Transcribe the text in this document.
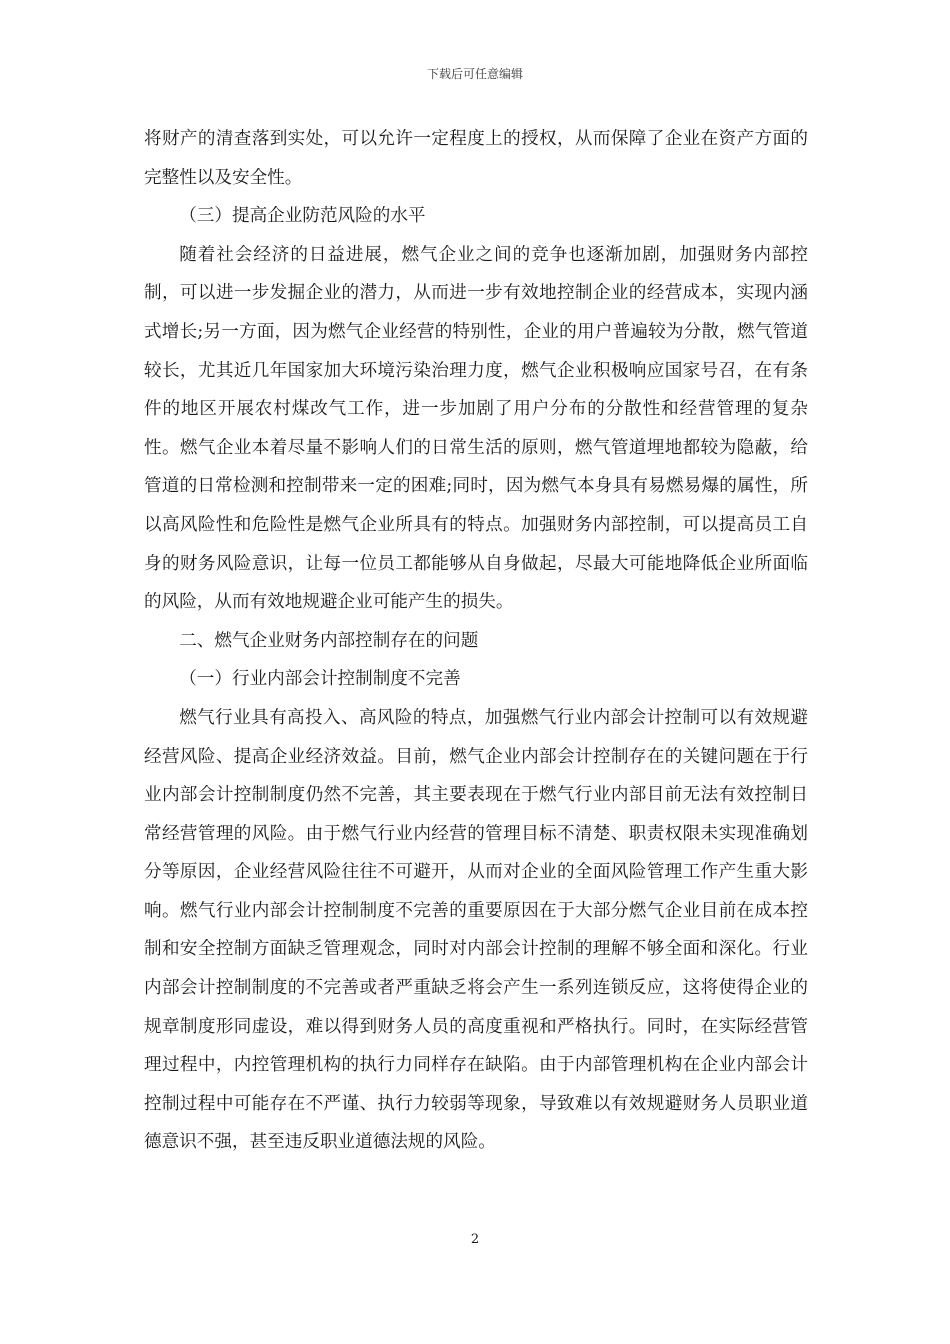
下载后可任意编辑

将财产的清查落到实处，可以允许一定程度上的授权，从而保障了企业在资产方面的完整性以及安全性。

（三）提高企业防范风险的水平

随着社会经济的日益进展，燃气企业之间的竞争也逐渐加剧，加强财务内部控制，可以进一步发掘企业的潜力，从而进一步有效地控制企业的经营成本，实现内涵式增长;另一方面，因为燃气企业经营的特别性，企业的用户普遍较为分散，燃气管道较长，尤其近几年国家加大环境污染治理力度，燃气企业积极响应国家号召，在有条件的地区开展农村煤改气工作，进一步加剧了用户分布的分散性和经营管理的复杂性。燃气企业本着尽量不影响人们的日常生活的原则，燃气管道埋地都较为隐蔽，给管道的日常检测和控制带来一定的困难;同时，因为燃气本身具有易燃易爆的属性，所以高风险性和危险性是燃气企业所具有的特点。加强财务内部控制，可以提高员工自身的财务风险意识，让每一位员工都能够从自身做起，尽最大可能地降低企业所面临的风险，从而有效地规避企业可能产生的损失。

二、燃气企业财务内部控制存在的问题

（一）行业内部会计控制制度不完善

燃气行业具有高投入、高风险的特点，加强燃气行业内部会计控制可以有效规避经营风险、提高企业经济效益。目前，燃气企业内部会计控制存在的关键问题在于行业内部会计控制制度仍然不完善，其主要表现在于燃气行业内部目前无法有效控制日常经营管理的风险。由于燃气行业内经营的管理目标不清楚、职责权限未实现准确划分等原因，企业经营风险往往不可避开，从而对企业的全面风险管理工作产生重大影响。燃气行业内部会计控制制度不完善的重要原因在于大部分燃气企业目前在成本控制和安全控制方面缺乏管理观念，同时对内部会计控制的理解不够全面和深化。行业内部会计控制制度的不完善或者严重缺乏将会产生一系列连锁反应，这将使得企业的规章制度形同虚设，难以得到财务人员的高度重视和严格执行。同时，在实际经营管理过程中，内控管理机构的执行力同样存在缺陷。由于内部管理机构在企业内部会计控制过程中可能存在不严谨、执行力较弱等现象，导致难以有效规避财务人员职业道德意识不强，甚至违反职业道德法规的风险。

2
